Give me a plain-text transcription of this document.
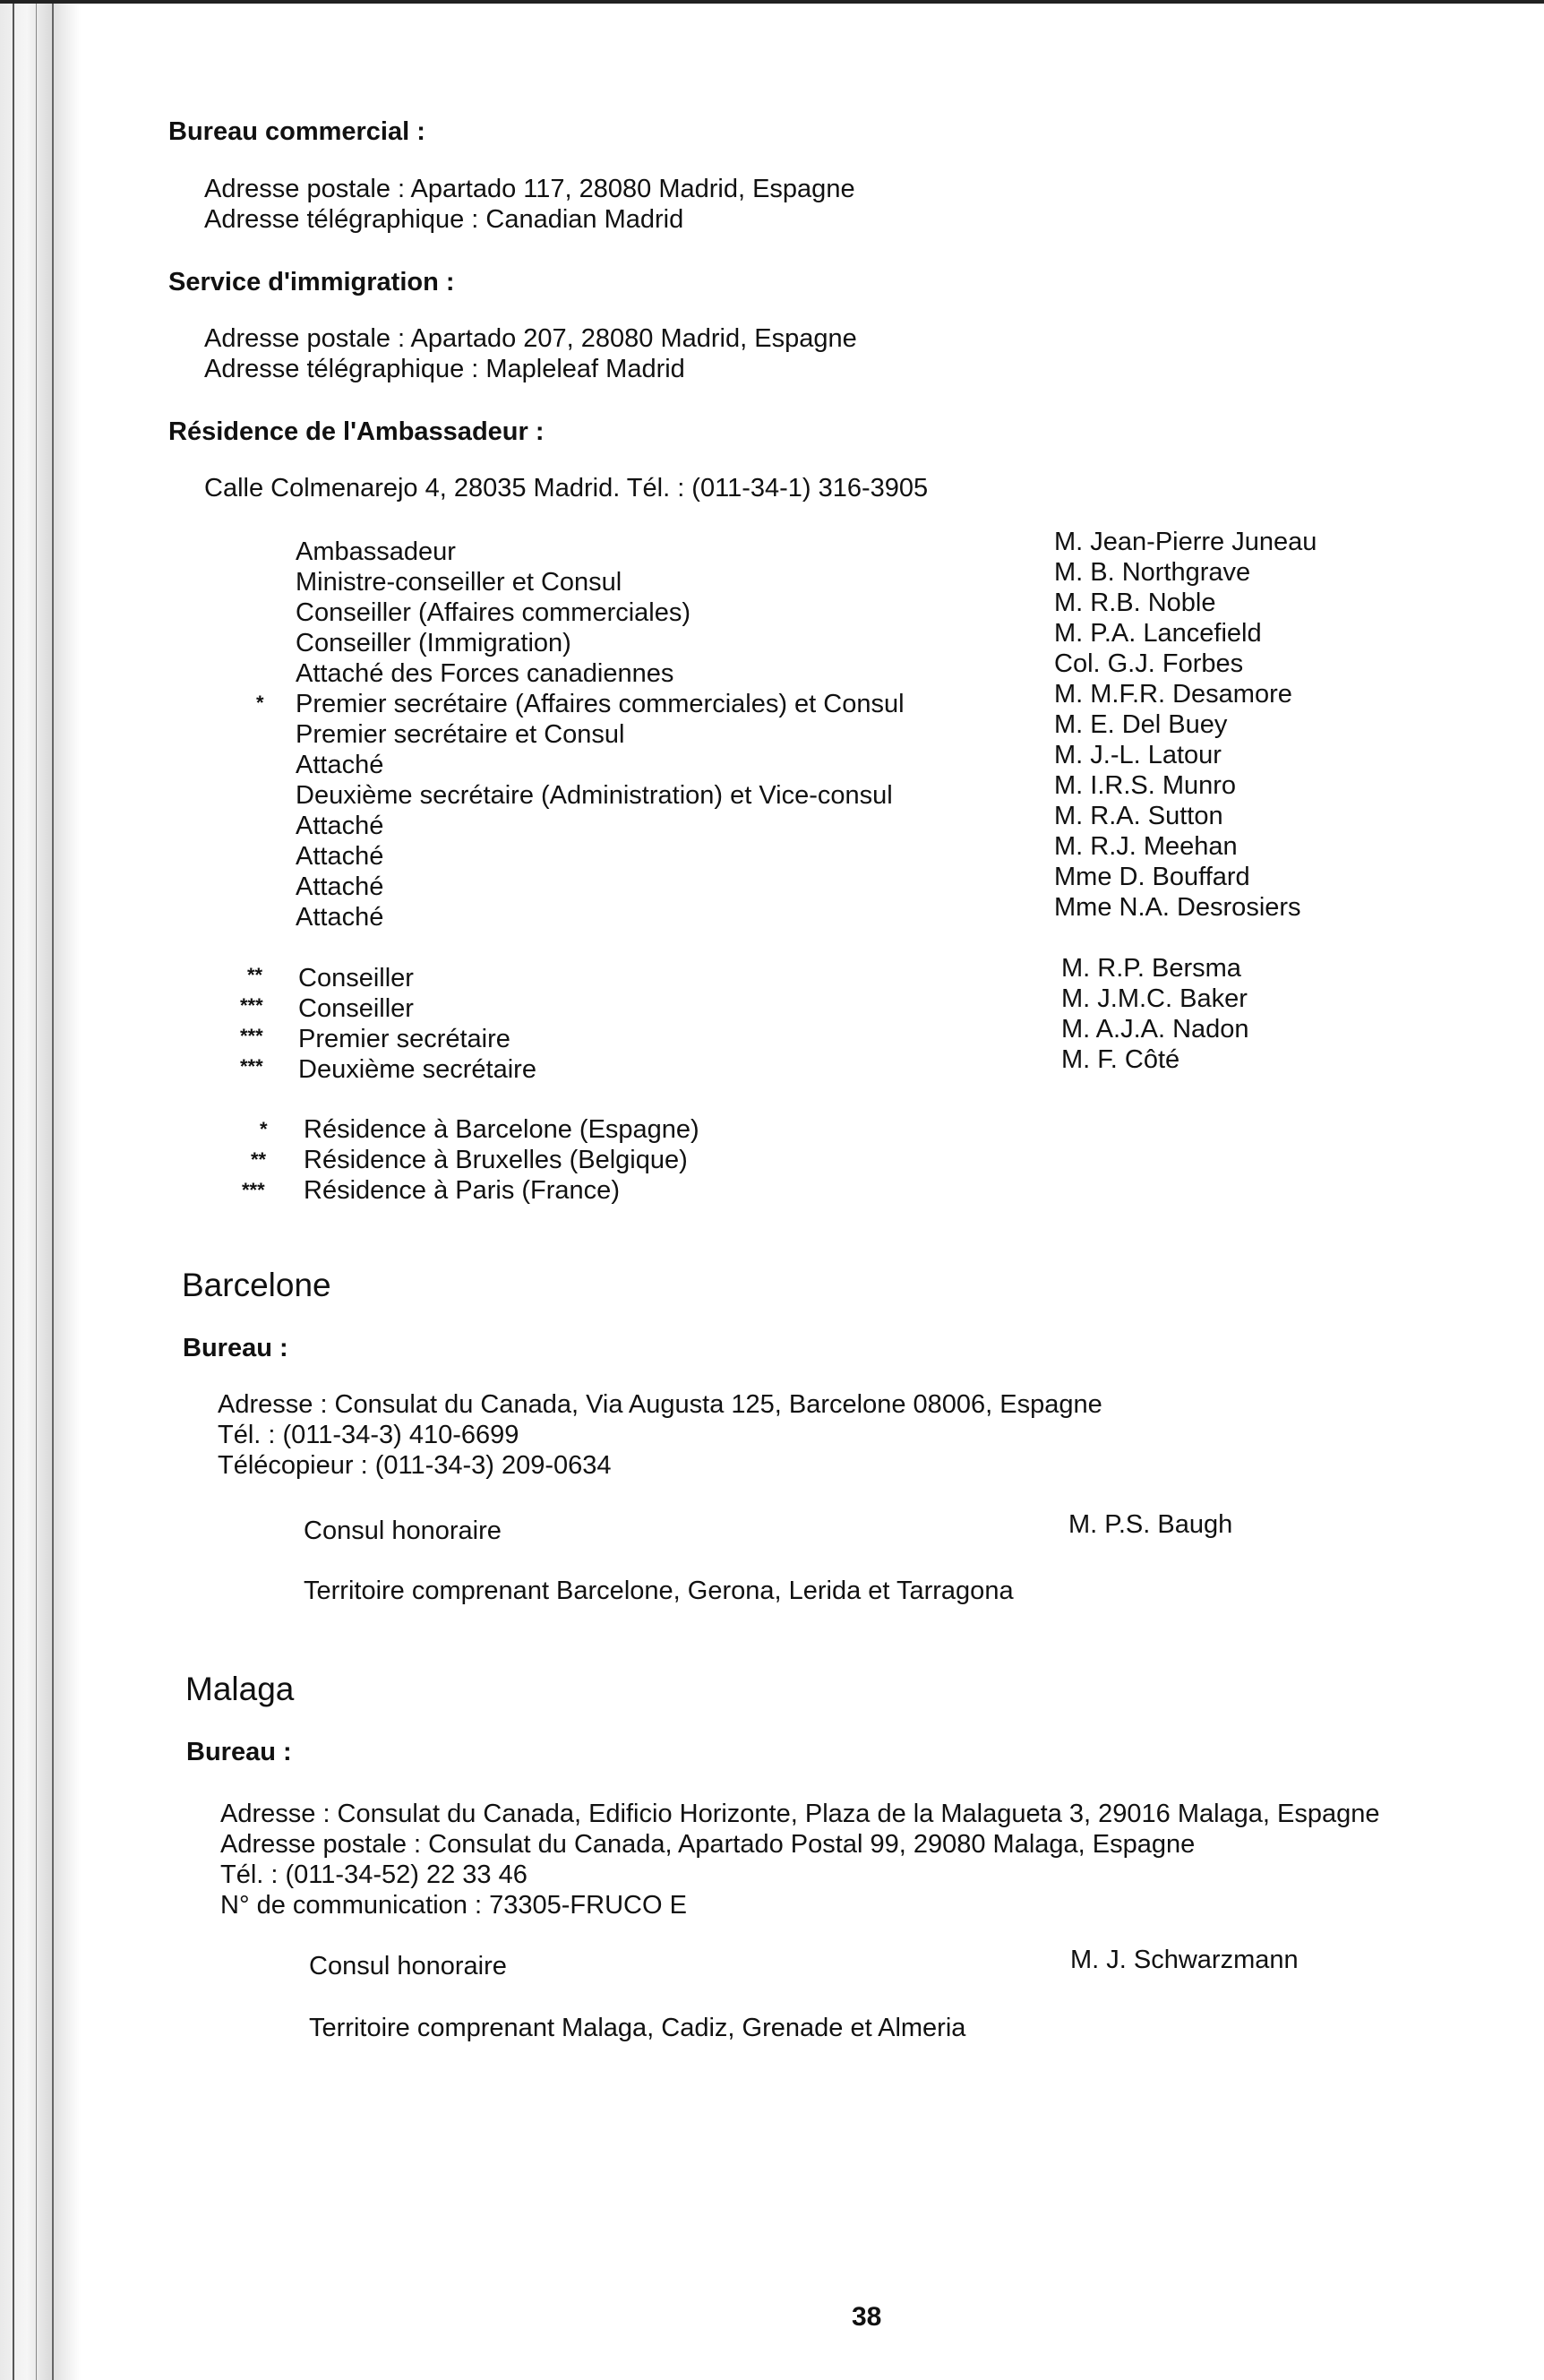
Bureau commercial :
Adresse postale : Apartado 117, 28080 Madrid, Espagne
Adresse télégraphique : Canadian Madrid
Service d'immigration :
Adresse postale : Apartado 207, 28080 Madrid, Espagne
Adresse télégraphique : Mapleleaf Madrid
Résidence de l'Ambassadeur :
Calle Colmenarejo 4, 28035 Madrid. Tél. : (011-34-1) 316-3905
Ambassadeur	M. Jean-Pierre Juneau
Ministre-conseiller et Consul	M. B. Northgrave
Conseiller (Affaires commerciales)	M. R.B. Noble
Conseiller (Immigration)	M. P.A. Lancefield
Attaché des Forces canadiennes	Col. G.J. Forbes
* Premier secrétaire (Affaires commerciales) et Consul	M. M.F.R. Desamore
Premier secrétaire et Consul	M. E. Del Buey
Attaché	M. J.-L. Latour
Deuxième secrétaire (Administration) et Vice-consul	M. I.R.S. Munro
Attaché	M. R.A. Sutton
Attaché	M. R.J. Meehan
Attaché	Mme D. Bouffard
Attaché	Mme N.A. Desrosiers
** Conseiller	M. R.P. Bersma
*** Conseiller	M. J.M.C. Baker
*** Premier secrétaire	M. A.J.A. Nadon
*** Deuxième secrétaire	M. F. Côté
* Résidence à Barcelone (Espagne)
** Résidence à Bruxelles (Belgique)
*** Résidence à Paris (France)
Barcelone
Bureau :
Adresse : Consulat du Canada, Via Augusta 125, Barcelone 08006, Espagne
Tél. : (011-34-3) 410-6699
Télécopieur : (011-34-3) 209-0634
Consul honoraire	M. P.S. Baugh
Territoire comprenant Barcelone, Gerona, Lerida et Tarragona
Malaga
Bureau :
Adresse : Consulat du Canada, Edificio Horizonte, Plaza de la Malagueta 3, 29016 Malaga, Espagne
Adresse postale : Consulat du Canada, Apartado Postal 99, 29080 Malaga, Espagne
Tél. : (011-34-52) 22 33 46
N° de communication : 73305-FRUCO E
Consul honoraire	M. J. Schwarzmann
Territoire comprenant Malaga, Cadiz, Grenade et Almeria
38
